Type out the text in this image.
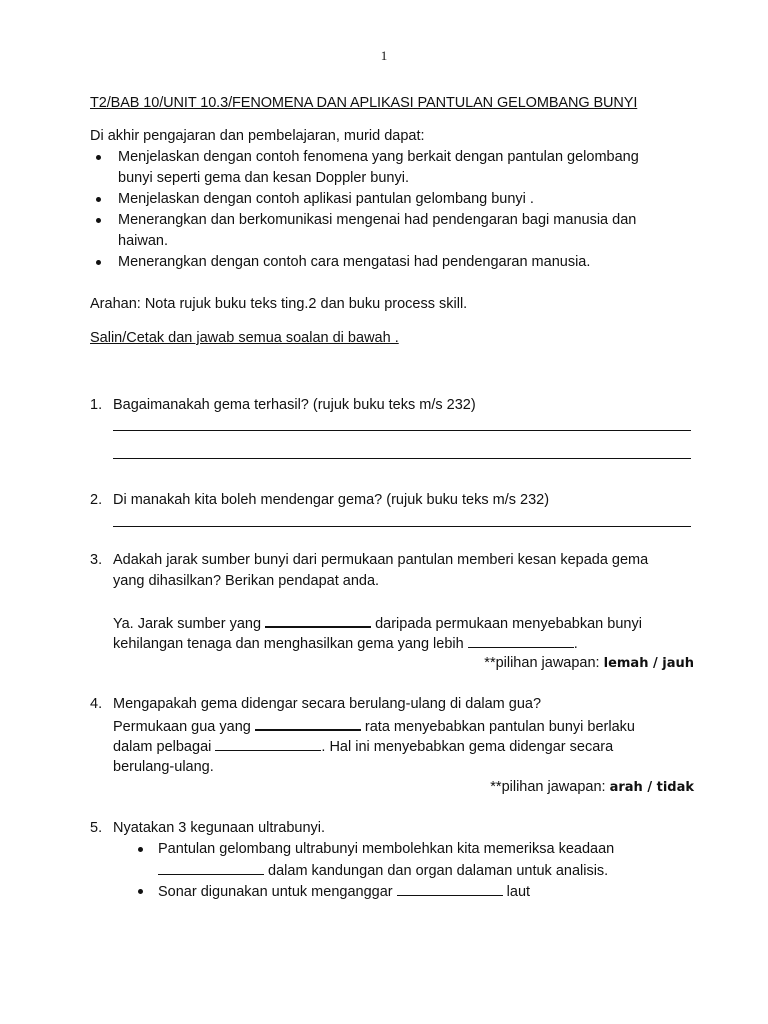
1
T2/BAB 10/UNIT 10.3/FENOMENA DAN APLIKASI PANTULAN GELOMBANG BUNYI
Di akhir pengajaran dan pembelajaran, murid dapat:
Menjelaskan dengan contoh fenomena yang berkait dengan pantulan gelombang
bunyi seperti gema dan kesan Doppler bunyi.
Menjelaskan dengan contoh aplikasi pantulan gelombang bunyi .
Menerangkan dan berkomunikasi mengenai had pendengaran bagi manusia dan
haiwan.
Menerangkan dengan contoh cara mengatasi had pendengaran manusia.
Arahan: Nota rujuk buku teks ting.2 dan buku process skill.
Salin/Cetak dan jawab semua soalan di bawah .
1. Bagaimanakah gema terhasil? (rujuk buku teks m/s 232)
2. Di manakah kita boleh mendengar gema? (rujuk buku teks m/s 232)
3. Adakah jarak sumber bunyi dari permukaan pantulan memberi kesan kepada gema
yang dihasilkan? Berikan pendapat anda.
Ya. Jarak sumber yang	daripada permukaan menyebabkan bunyi
kehilangan tenaga dan menghasilkan gema yang lebih	.
**pilihan jawapan: lemah / jauh
4. Mengapakah gema didengar secara berulang-ulang di dalam gua?
Permukaan gua yang	rata menyebabkan pantulan bunyi berlaku
dalam pelbagai	. Hal ini menyebabkan gema didengar secara
berulang-ulang.
**pilihan jawapan: arah / tidak
5. Nyatakan 3 kegunaan ultrabunyi.
Pantulan gelombang ultrabunyi membolehkan kita memeriksa keadaan
dalam kandungan dan organ dalaman untuk analisis.
Sonar digunakan untuk menganggar	laut
